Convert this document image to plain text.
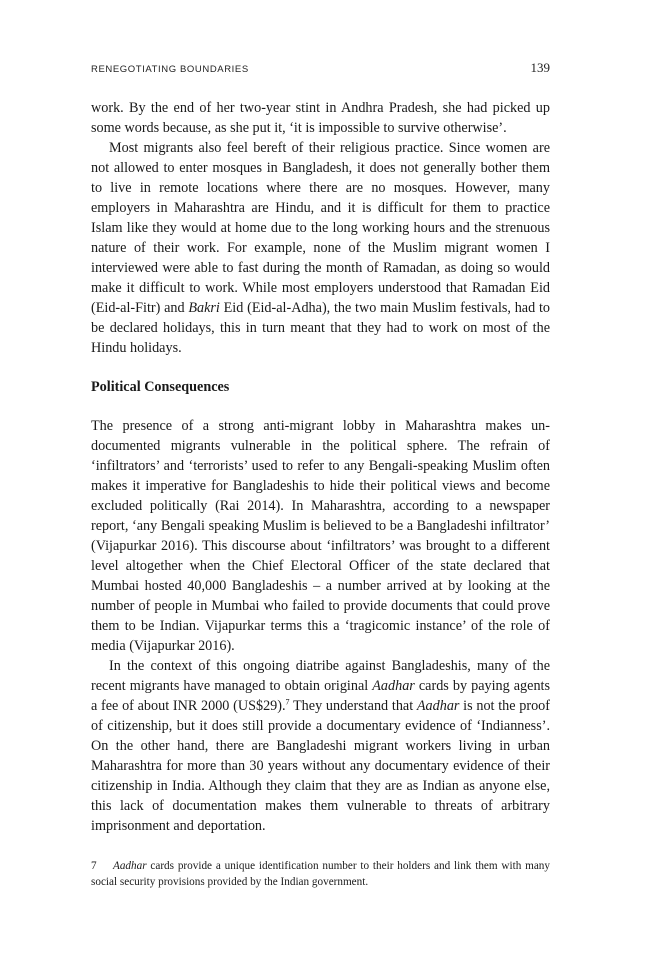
RENEGOTIATING BOUNDARIES	139

work. By the end of her two-year stint in Andhra Pradesh, she had picked up some words because, as she put it, ‘it is impossible to survive otherwise’.

Most migrants also feel bereft of their religious practice. Since women are not allowed to enter mosques in Bangladesh, it does not generally bother them to live in remote locations where there are no mosques. However, many employers in Maharashtra are Hindu, and it is difficult for them to practice Islam like they would at home due to the long working hours and the strenuous nature of their work. For example, none of the Muslim migrant women I interviewed were able to fast during the month of Ramadan, as doing so would make it difficult to work. While most employers understood that Ramadan Eid (Eid-al-Fitr) and Bakri Eid (Eid-al-Adha), the two main Muslim festivals, had to be declared holidays, this in turn meant that they had to work on most of the Hindu holidays.

Political Consequences

The presence of a strong anti-migrant lobby in Maharashtra makes undocumented migrants vulnerable in the political sphere. The refrain of ‘infiltrators’ and ‘terrorists’ used to refer to any Bengali-speaking Muslim often makes it imperative for Bangladeshis to hide their political views and become excluded politically (Rai 2014). In Maharashtra, according to a newspaper report, ‘any Bengali speaking Muslim is believed to be a Bangladeshi infiltrator’ (Vijapurkar 2016). This discourse about ‘infiltrators’ was brought to a different level altogether when the Chief Electoral Officer of the state declared that Mumbai hosted 40,000 Bangladeshis – a number arrived at by looking at the number of people in Mumbai who failed to provide documents that could prove them to be Indian. Vijapurkar terms this a ‘tragicomic instance’ of the role of media (Vijapurkar 2016).

In the context of this ongoing diatribe against Bangladeshis, many of the recent migrants have managed to obtain original Aadhar cards by paying agents a fee of about INR 2000 (US$29).$^7$ They understand that Aadhar is not the proof of citizenship, but it does still provide a documentary evidence of ‘Indianness’. On the other hand, there are Bangladeshi migrant workers living in urban Maharashtra for more than 30 years without any documentary evidence of their citizenship in India. Although they claim that they are as Indian as anyone else, this lack of documentation makes them vulnerable to threats of arbitrary imprisonment and deportation.

7 Aadhar cards provide a unique identification number to their holders and link them with many social security provisions provided by the Indian government.
